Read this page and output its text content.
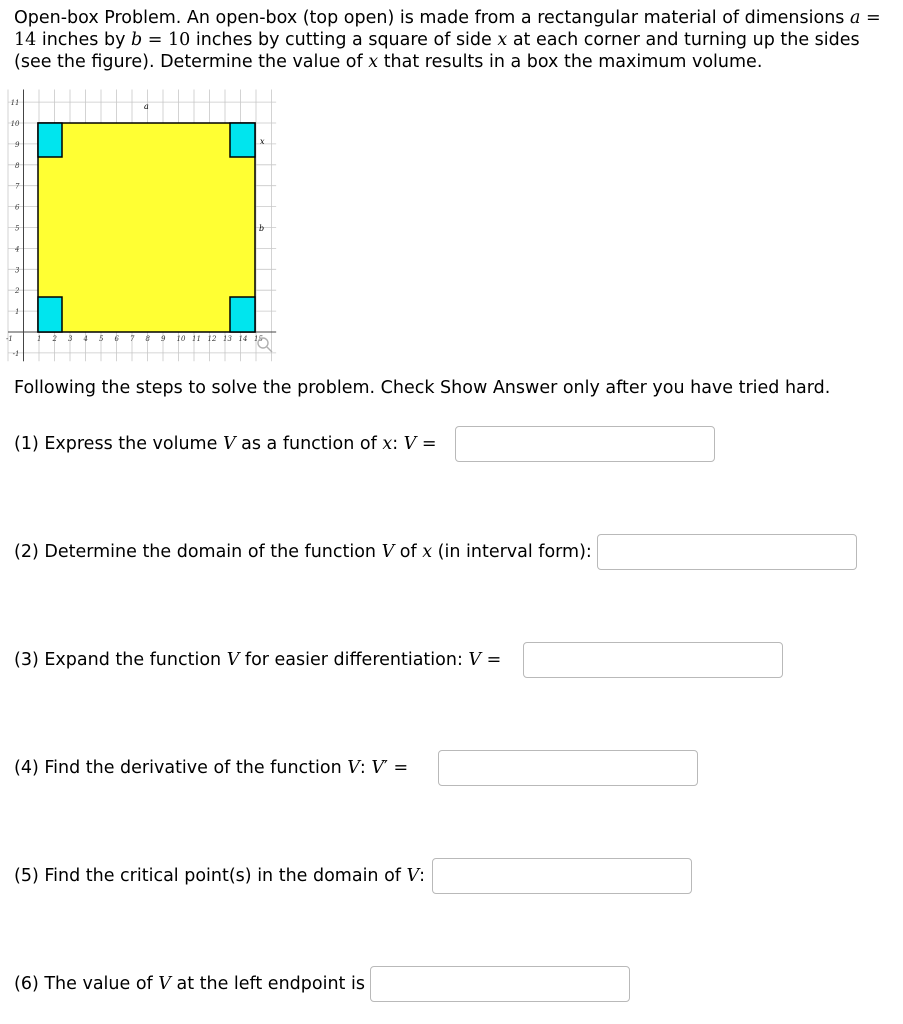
Open-box Problem. An open-box (top open) is made from a rectangular material of dimensions a = 14 inches by b = 10 inches by cutting a square of side x at each corner and turning up the sides (see the figure). Determine the value of x that results in a box the maximum volume.

a
x
b
-1	1 2 3 4 5 6 7 8 9 10 11 12 13 14 15
11
10
9
8
7
6
5
4
3
2
1
-1

Following the steps to solve the problem. Check Show Answer only after you have tried hard.

(1) Express the volume V as a function of x: V =
(2) Determine the domain of the function V of x (in interval form):
(3) Expand the function V for easier differentiation: V =
(4) Find the derivative of the function V: V′ =
(5) Find the critical point(s) in the domain of V:
(6) The value of V at the left endpoint is
